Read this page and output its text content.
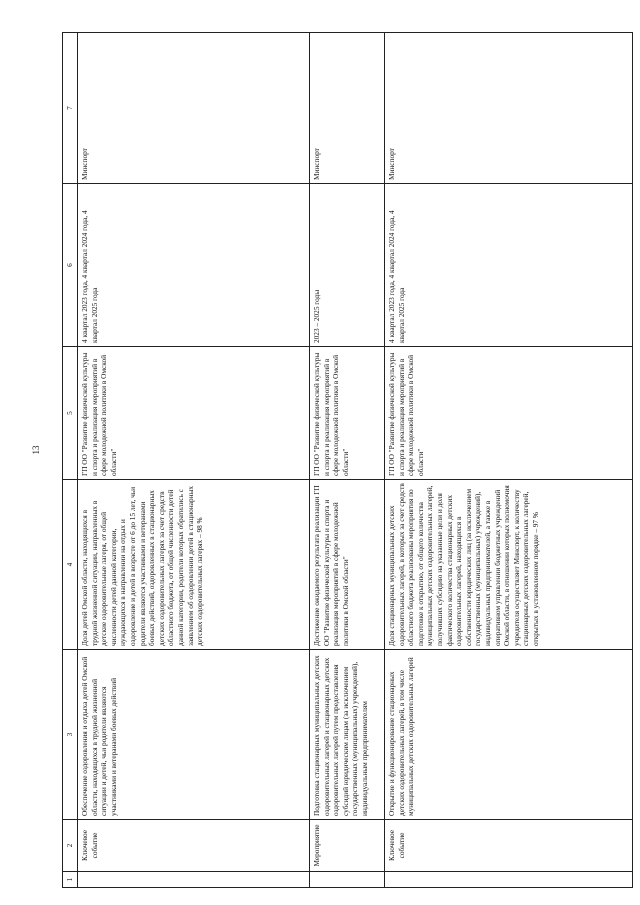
13
1	2	3	4	5	6	7
	Ключевое событие	Обеспечение оздоровления и отдыха детей Омской области, находящихся в трудной жизненной ситуации и детей, чьи родители являются участниками и ветеранами боевых действий	Доля детей Омской области, находящихся в трудной жизненной ситуации, направленных в детские оздоровительные лагеря, от общей численности детей данной категории, нуждающихся в направлении на отдых и оздоровление и детей в возрасте от 6 до 15 лет, чьи родители являются участниками и ветеранами боевых действий, оздоровленных в стационарных детских оздоровительных лагерях за счет средств областного бюджета, от общей численности детей данной категории, родители которых обратились с заявлением об оздоровлении детей в стационарных детских оздоровительных лагерях – 98 %	ГП ОО "Развитие физической культуры и спорта и реализация мероприятий в сфере молодежной политики в Омской области"	4 квартал 2023 года, 4 квартал 2024 года, 4 квартал 2025 года	Минспорт
	Мероприятие	Подготовка стационарных муниципальных детских оздоровительных лагерей и стационарных детских оздоровительных лагерей путем предоставления субсидий юридическим лицам (за исключением государственных (муниципальных) учреждений), индивидуальным предпринимателям	Достижение ожидаемого результата реализации ГП ОО "Развитие физической культуры и спорта и реализация мероприятий в сфере молодежной политики в Омской области"	ГП ОО "Развитие физической культуры и спорта и реализация мероприятий в сфере молодежной политики в Омской области"	2023 – 2025 годы	Минспорт
	Ключевое событие	Открытие и функционирование стационарных детских оздоровительных лагерей, в том числе муниципальных детских оздоровительных лагерей	Доля стационарных муниципальных детских оздоровительных лагерей, в которых за счет средств областного бюджета реализованы мероприятия по подготовке к открытию, от общего количества муниципальных детских оздоровительных лагерей, получивших субсидию на указанные цели и доля фактического количества стационарных детских оздоровительных лагерей, находящихся в собственности юридических лиц (за исключением государственных (муниципальных) учреждений), индивидуальных предпринимателей, а также в оперативном управлении бюджетных учреждений Омской области, в отношении которых полномочия учредителя осуществляет Минспорт, к количеству стационарных детских оздоровительных лагерей, открытых в установленном порядке – 97 %	ГП ОО "Развитие физической культуры и спорта и реализация мероприятий в сфере молодежной политики в Омской области"	4 квартал 2023 года, 4 квартал 2024 года, 4 квартал 2025 года	Минспорт
